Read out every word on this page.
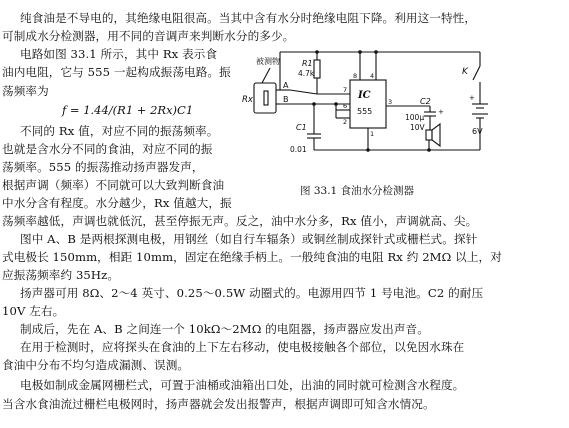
纯食油是不导电的，其绝缘电阻很高。当其中含有水分时绝缘电阻下降。利用这一特性，
可制成水分检测器，用不同的音调声来判断水分的多少。
电路如图 33.1 所示，其中 Rx 表示食
油内电阻，它与 555 一起构成振荡电路。振
荡频率为
f = 1.44/(R1 + 2Rx)C1
不同的 Rx 值，对应不同的振荡频率。
也就是含水分不同的食油，对应不同的振
荡频率。555 的振荡推动扬声器发声，
根据声调（频率）不同就可以大致判断食油
中水分含有程度。水分越少，Rx 值越大，振
被测物
A
B
Rx
R1
4.7k
IC
555
8 4
7
3
6
2
1
C1
0.01
C2
100μ
10V
+
K
+
6V
图 33.1 食油水分检测器
荡频率越低，声调也就低沉，甚至停振无声。反之，油中水分多，Rx 值小，声调就高、尖。
图中 A、B 是两根探测电极，用钢丝（如自行车辐条）或铜丝制成探针式或栅栏式。探针
式电极长 150mm，相距 10mm，固定在绝缘手柄上。一般纯食油的电阻 Rx 约 2MΩ 以上，对
应振荡频率约 35Hz。
扬声器可用 8Ω、2～4 英寸、0.25～0.5W 动圈式的。电源用四节 1 号电池。C2 的耐压
10V 左右。
制成后，先在 A、B 之间连一个 10kΩ～2MΩ 的电阻器，扬声器应发出声音。
在用于检测时，应将探头在食油的上下左右移动，使电极接触各个部位，以免因水珠在
食油中分布不均匀造成漏测、误测。
电极如制成金属网栅栏式，可置于油桶或油箱出口处，出油的同时就可检测含水程度。
当含水食油流过栅栏电极网时，扬声器就会发出报警声，根据声调即可知含水情况。
